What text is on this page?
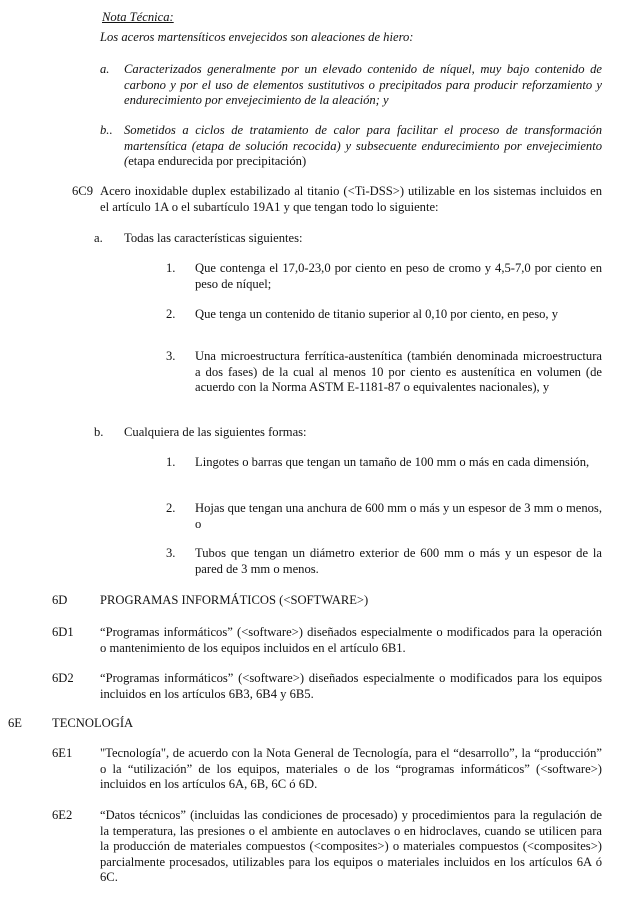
Nota Técnica:
Los aceros martensíticos envejecidos son aleaciones de hiero:
a. Caracterizados generalmente por un elevado contenido de níquel, muy bajo contenido de carbono y por el uso de elementos sustitutivos o precipitados para producir reforzamiento y endurecimiento por envejecimiento de la aleación; y
b.. Sometidos a ciclos de tratamiento de calor para facilitar el proceso de transformación martensítica (etapa de solución recocida) y subsecuente endurecimiento por envejecimiento (etapa endurecida por precipitación)
6C9 Acero inoxidable duplex estabilizado al titanio (<Ti-DSS>) utilizable en los sistemas incluidos en el artículo 1A o el subartículo 19A1 y que tengan todo lo siguiente:
a. Todas las características siguientes:
1. Que contenga el 17,0-23,0 por ciento en peso de cromo y 4,5-7,0 por ciento en peso de níquel;
2. Que tenga un contenido de titanio superior al 0,10 por ciento, en peso, y
3. Una microestructura ferrítica-austenítica (también denominada microestructura a dos fases) de la cual al menos 10 por ciento es austenítica en volumen (de acuerdo con la Norma ASTM E-1181-87 o equivalentes nacionales), y
b. Cualquiera de las siguientes formas:
1. Lingotes o barras que tengan un tamaño de 100 mm o más en cada dimensión,
2. Hojas que tengan una anchura de 600 mm o más y un espesor de 3 mm o menos, o
3. Tubos que tengan un diámetro exterior de 600 mm o más y un espesor de la pared de 3 mm o menos.
6D	PROGRAMAS INFORMÁTICOS (<SOFTWARE>)
6D1 “Programas informáticos” (<software>) diseñados especialmente o modificados para la operación o mantenimiento de los equipos incluidos en el artículo 6B1.
6D2 “Programas informáticos” (<software>) diseñados especialmente o modificados para los equipos incluidos en los artículos 6B3, 6B4 y 6B5.
6E TECNOLOGÍA
6E1 "Tecnología", de acuerdo con la Nota General de Tecnología, para el “desarrollo”, la “producción” o la “utilización” de los equipos, materiales o de los “programas informáticos” (<software>) incluidos en los artículos 6A, 6B, 6C ó 6D.
6E2 “Datos técnicos” (incluidas las condiciones de procesado) y procedimientos para la regulación de la temperatura, las presiones o el ambiente en autoclaves o en hidroclaves, cuando se utilicen para la producción de materiales compuestos (<composites>) o materiales compuestos (<composites>) parcialmente procesados, utilizables para los equipos o materiales incluidos en los artículos 6A ó 6C.
